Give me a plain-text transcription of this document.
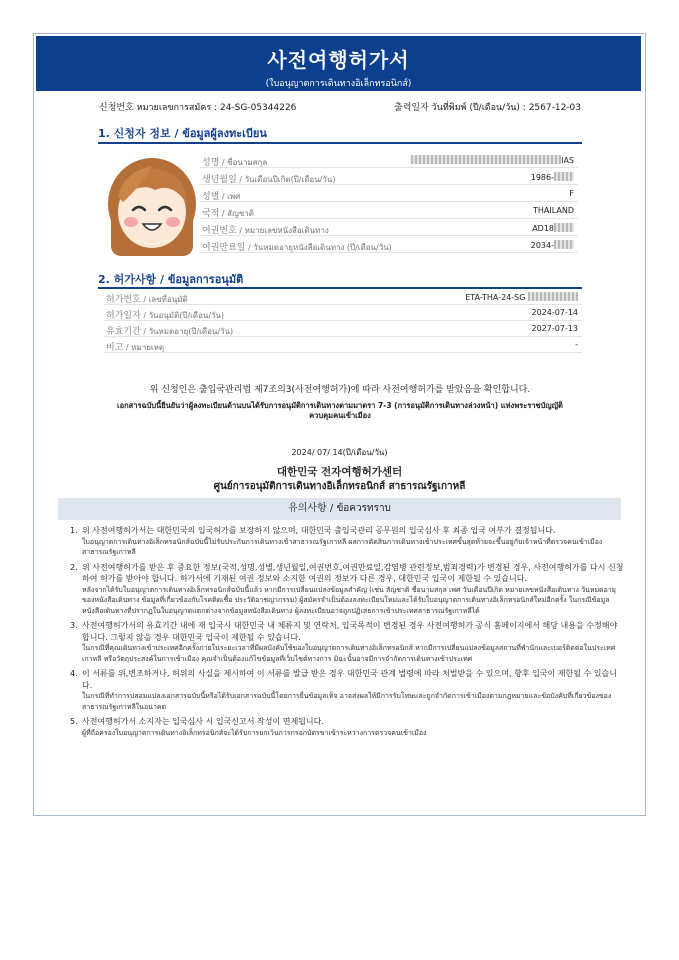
사전여행허가서
(ใบอนุญาตการเดินทางอิเล็กทรอนิกส์)
신청번호 หมายเลขการสมัคร : 24-SG-05344226	출력일자 วันที่พิมพ์ (ปี/เดือน/วัน) : 2567-12-03
1. 신청자 정보 / ข้อมูลผู้ลงทะเบียน
성명 / ชื่อนามสกุล	IAS
생년월일 / วันเดือนปีเกิด(ปี/เดือน/วัน)	1986-
성별 / เพศ	F
국적 / สัญชาติ	THAILAND
여권번호 / หมายเลขหนังสือเดินทาง	AD18
여권만료일 / วันหมดอายุหนังสือเดินทาง (ปี/เดือน/วัน)	2034-
2. 허가사항 / ข้อมูลการอนุมัติ
허가번호 / เลขที่อนุมัติ	ETA-THA-24-SG
허가일자 / วันอนุมัติ(ปี/เดือน/วัน)	2024-07-14
유효기간 / วันหมดอายุ(ปี/เดือน/วัน)	2027-07-13
비고 / หมายเหตุ	-
위 신청인은 출입국관리법 제7조의3(사전여행허가)에 따라 사전여행허가를 받았음을 확인합니다.
เอกสารฉบับนี้ยืนยันว่าผู้ลงทะเบียนด้านบนได้รับการอนุมัติการเดินทางตามมาตรา 7-3 (การอนุมัติการเดินทางล่วงหน้า) แห่งพระราชบัญญัติ
ควบคุมคนเข้าเมือง
2024/ 07/ 14(ปี/เดือน/วัน)
대한민국 전자여행허가센터
ศูนย์การอนุมัติการเดินทางอิเล็กทรอนิกส์ สาธารณรัฐเกาหลี
유의사항 / ข้อควรทราบ
1. 위 사전여행허가서는 대한민국의 입국허가를 보장하지 않으며, 대한민국 출입국관리 공무원의 입국심사 후 최종 입국 여부가 결정됩니다.
ใบอนุญาตการเดินทางอิเล็กทรอนิกส์ฉบับนี้ไม่รับประกันการเดินทางเข้าสาธารณรัฐเกาหลี ผลการตัดสินการเดินทางเข้าประเทศขั้นสุดท้ายจะขึ้นอยู่กับเจ้าหน้าที่ตรวจคนเข้าเมืองสาธารณรัฐเกาหลี
2. 위 사전여행허가를 받은 후 중요한 정보(국적,성명,성별,생년월일,여권번호,여권만료일,감염병 관련정보,범죄경력)가 변경된 경우, 사전여행허가를 다시 신청하여 허가를 받아야 합니다. 허가서에 기재된 여권 정보와 소지한 여권의 정보가 다른 경우, 대한민국 입국이 제한될 수 있습니다.
หลังจากได้รับใบอนุญาตการเดินทางอิเล็กทรอนิกส์ฉบับนี้แล้ว หากมีการเปลี่ยนแปลงข้อมูลสำคัญ (เช่น สัญชาติ ชื่อนามสกุล เพศ วันเดือนปีเกิด หมายเลขหนังสือเดินทาง วันหมดอายุของหนังสือเดินทาง ข้อมูลที่เกี่ยวข้องกับโรคติดเชื้อ ประวัติอาชญากรรม) ผู้สมัครจำเป็นต้องลงทะเบียนใหม่และได้รับใบอนุญาตการเดินทางอิเล็กทรอนิกส์ใหม่อีกครั้ง ในกรณีข้อมูลหนังสือเดินทางที่ปรากฏในใบอนุญาตแตกต่างจากข้อมูลหนังสือเดินทาง ผู้ลงทะเบียนอาจถูกปฏิเสธการเข้าประเทศสาธารณรัฐเกาหลีได้
3. 사전여행허가서의 유효기간 내에 재 입국시 대한민국 내 체류지 및 연락처, 입국목적이 변경된 경우 사전여행허가 공식 홈페이지에서 해당 내용을 수정해야 합니다. 그렇지 않을 경우 대한민국 입국이 제한될 수 있습니다.
ในกรณีที่คุณเดินทางเข้าประเทศอีกครั้งภายในระยะเวลาที่มีผลบังคับใช้ของใบอนุญาตการเดินทางอิเล็กทรอนิกส์ หากมีการเปลี่ยนแปลงข้อมูลสถานที่พำนักและเบอร์ติดต่อในประเทศเกาหลี หรือวัตถุประสงค์ในการเข้าเมือง คุณจำเป็นต้องแก้ไขข้อมูลที่เว็บไซต์ทางการ มิฉะนั้นอาจมีการจำกัดการเดินทางเข้าประเทศ
4. 이 서류를 위,변조하거나, 허위의 사실을 제시하여 이 서류를 발급 받은 경우 대한민국 관계 법령에 따라 처벌받을 수 있으며, 향후 입국이 제한될 수 있습니다.
ในกรณีที่ทำการปลอมแปลงเอกสารฉบับนี้หรือได้รับเอกสารฉบับนี้โดยการยื่นข้อมูลเท็จ อาจส่งผลให้มีการรับโทษและถูกจำกัดการเข้าเมืองตามกฎหมายและข้อบังคับที่เกี่ยวข้องของสาธารณรัฐเกาหลีในอนาคต
5. 사전여행허가서 소지자는 입국심사 시 입국신고서 작성이 면제됩니다.
ผู้ที่ถือครองใบอนุญาตการเดินทางอิเล็กทรอนิกส์จะได้รับการยกเว้นการกรอกบัตรขาเข้าระหว่างการตรวจคนเข้าเมือง
